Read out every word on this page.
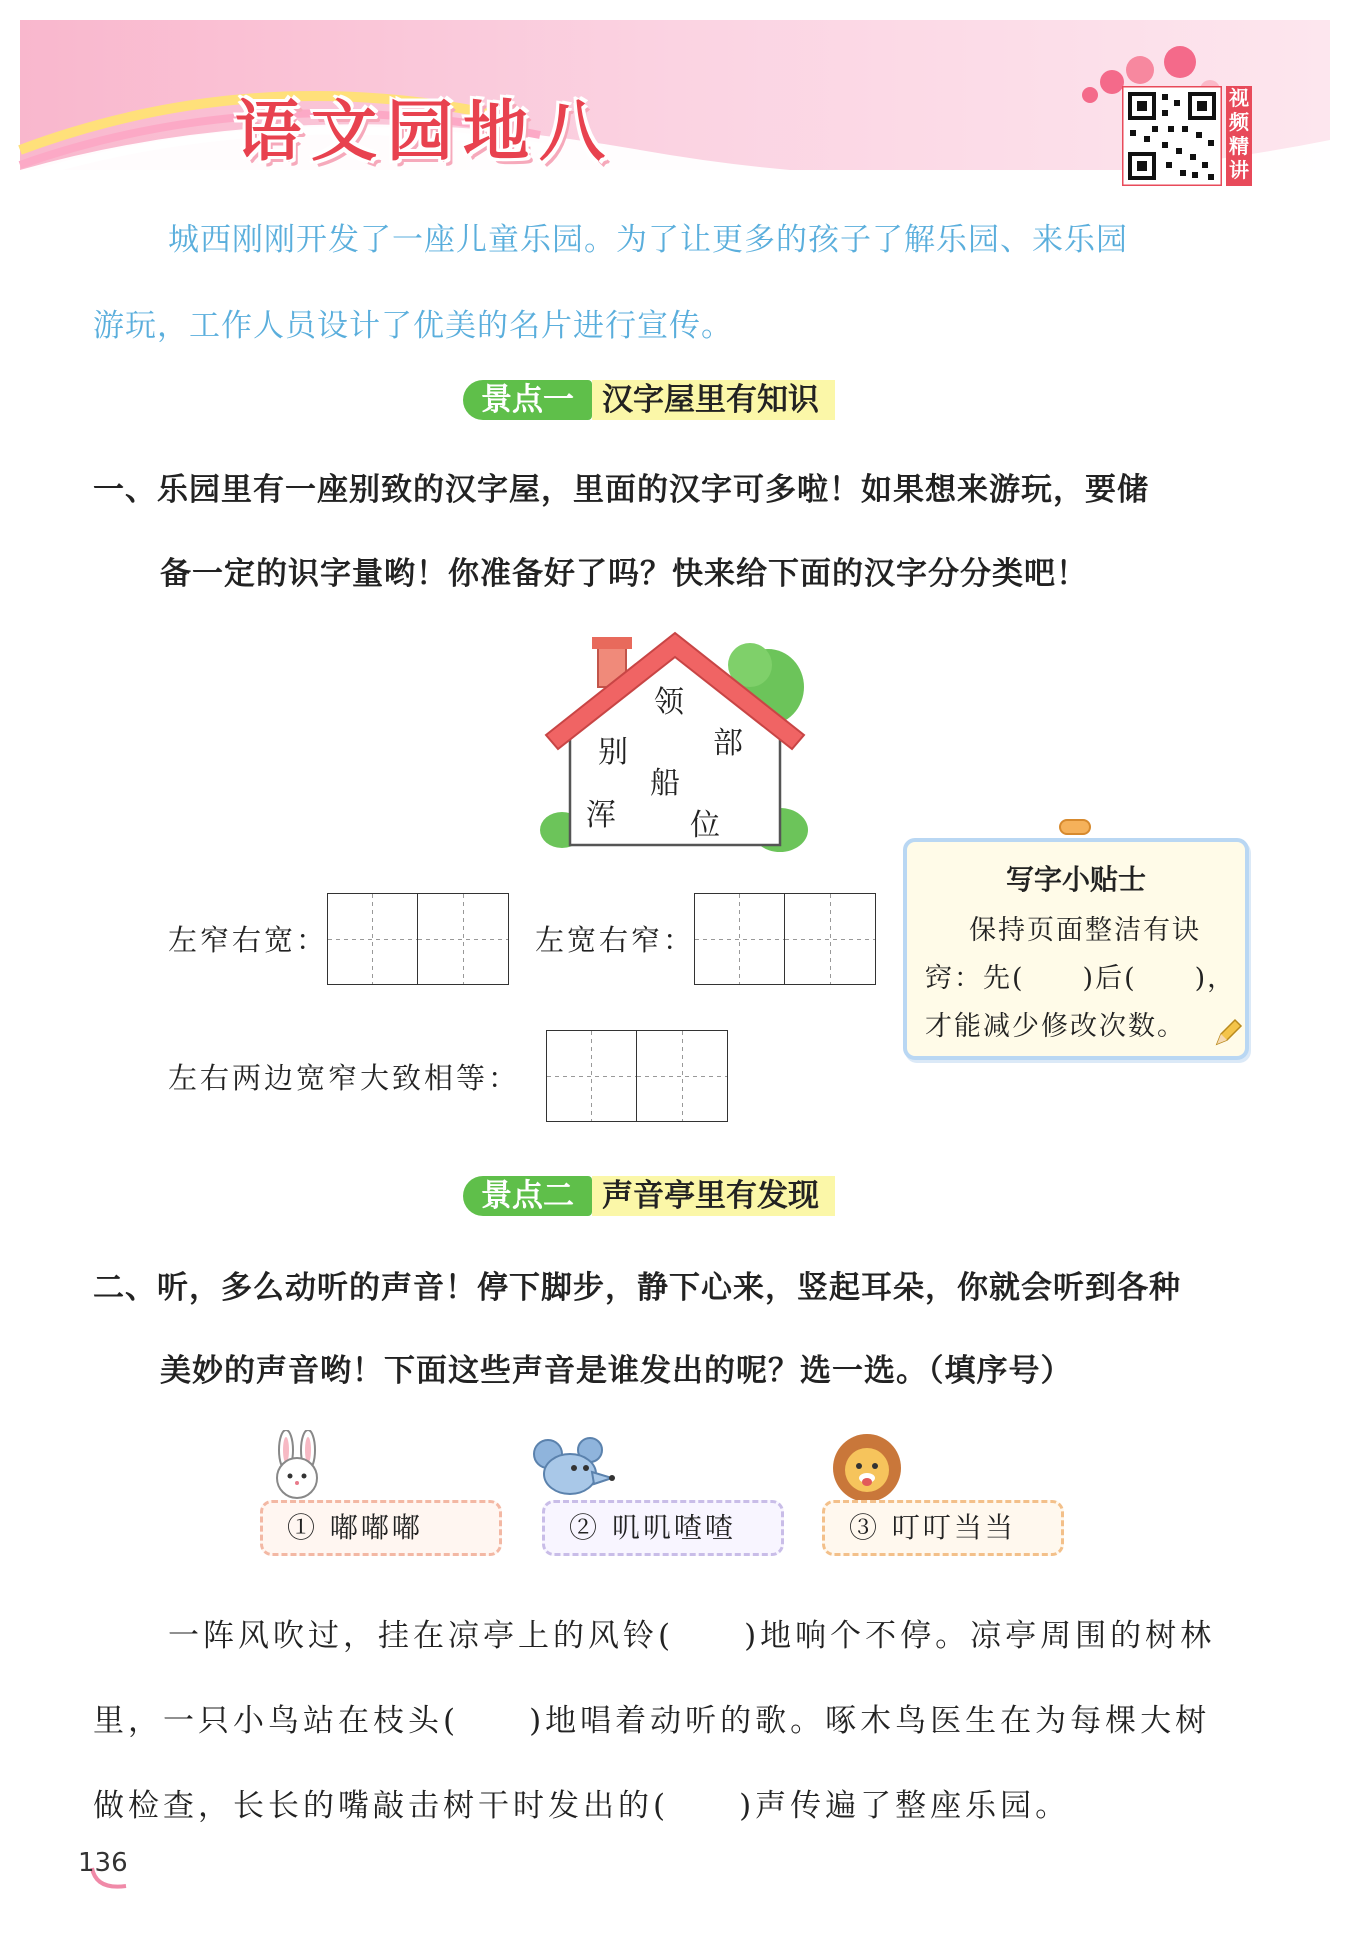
语文园地八	视频精讲
城西刚刚开发了一座儿童乐园。为了让更多的孩子了解乐园、来乐园
游玩，工作人员设计了优美的名片进行宣传。
景点一 汉字屋里有知识
一、乐园里有一座别致的汉字屋，里面的汉字可多啦！如果想来游玩，要储
备一定的识字量哟！你准备好了吗？快来给下面的汉字分分类吧！
领
别	部
船
浑 位
左窄右宽：	左宽右窄：
左右两边宽窄大致相等：
写字小贴士
保持页面整洁有诀
窍：先(　　)后(　　)，
才能减少修改次数。
景点二 声音亭里有发现
二、听，多么动听的声音！停下脚步，静下心来，竖起耳朵，你就会听到各种
美妙的声音哟！下面这些声音是谁发出的呢？选一选。（填序号）
① 嘟嘟嘟	② 叽叽喳喳	③ 叮叮当当
一阵风吹过，挂在凉亭上的风铃(　　)地响个不停。凉亭周围的树林
里，一只小鸟站在枝头(　　)地唱着动听的歌。啄木鸟医生在为每棵大树
做检查，长长的嘴敲击树干时发出的(　　)声传遍了整座乐园。
136
